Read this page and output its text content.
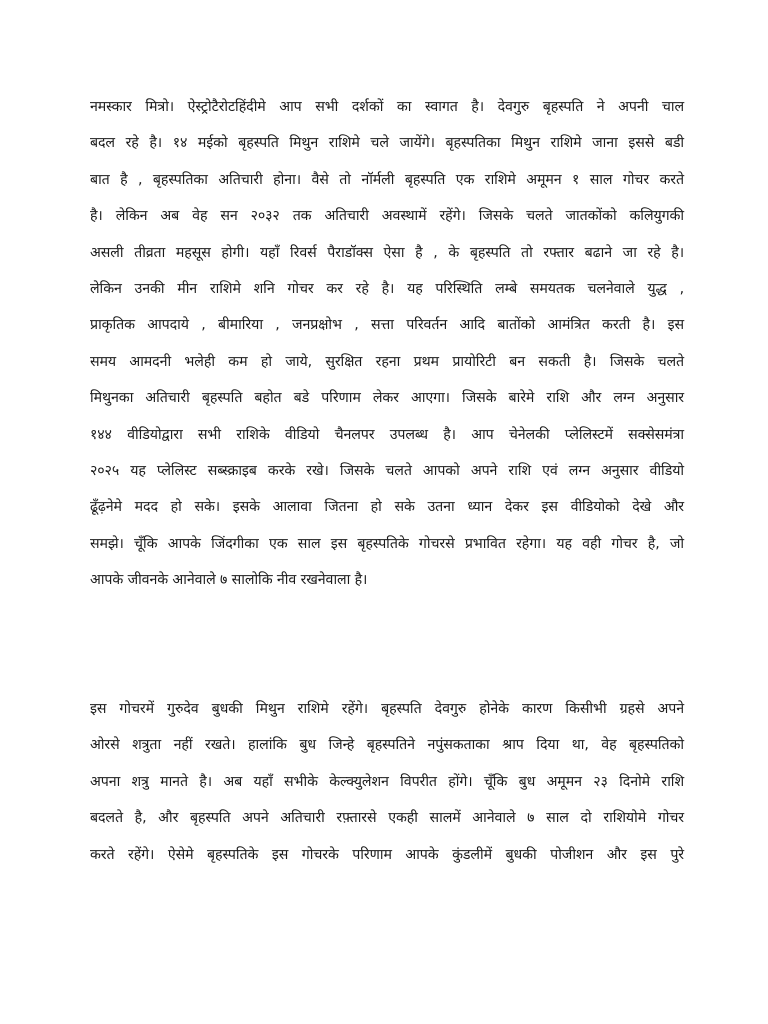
नमस्कार मित्रो। ऐस्ट्रोटैरोटहिंदीमे आप सभी दर्शकों का स्वागत है। देवगुरु बृहस्पति ने अपनी चाल
बदल रहे है। १४ मईको बृहस्पति मिथुन राशिमे चले जायेंगे। बृहस्पतिका मिथुन राशिमे जाना इससे बडी
बात है , बृहस्पतिका अतिचारी होना। वैसे तो नॉर्मली बृहस्पति एक राशिमे अमूमन १ साल गोचर करते
है। लेकिन अब वेह सन २०३२ तक अतिचारी अवस्थामें रहेंगे। जिसके चलते जातकोंको कलियुगकी
असली तीव्रता महसूस होगी। यहाँ रिवर्स पैराडॉक्स ऐसा है , के बृहस्पति तो रफ्तार बढाने जा रहे है।
लेकिन उनकी मीन राशिमे शनि गोचर कर रहे है। यह परिस्थिति लम्बे समयतक चलनेवाले युद्ध ,
प्राकृतिक आपदाये , बीमारिया , जनप्रक्षोभ , सत्ता परिवर्तन आदि बातोंको आमंत्रित करती है। इस
समय आमदनी भलेही कम हो जाये, सुरक्षित रहना प्रथम प्रायोरिटी बन सकती है। जिसके चलते
मिथुनका अतिचारी बृहस्पति बहोत बडे परिणाम लेकर आएगा। जिसके बारेमे राशि और लग्न अनुसार
१४४ वीडियोद्वारा सभी राशिके वीडियो चैनलपर उपलब्ध है। आप चेनेलकी प्लेलिस्टमें सक्सेसमंत्रा
२०२५ यह प्लेलिस्ट सब्स्क्राइब करके रखे। जिसके चलते आपको अपने राशि एवं लग्न अनुसार वीडियो
ढूँढ़नेमे मदद हो सके। इसके आलावा जितना हो सके उतना ध्यान देकर इस वीडियोको देखे और
समझे। चूँकि आपके जिंदगीका एक साल इस बृहस्पतिके गोचरसे प्रभावित रहेगा। यह वही गोचर है, जो
आपके जीवनके आनेवाले ७ सालोकि नीव रखनेवाला है।
इस गोचरमें गुरुदेव बुधकी मिथुन राशिमे रहेंगे। बृहस्पति देवगुरु होनेके कारण किसीभी ग्रहसे अपने
ओरसे शत्रुता नहीं रखते। हालांकि बुध जिन्हे बृहस्पतिने नपुंसकताका श्राप दिया था, वेह बृहस्पतिको
अपना शत्रु मानते है। अब यहाँ सभीके केल्क्युलेशन विपरीत होंगे। चूँकि बुध अमूमन २३ दिनोमे राशि
बदलते है, और बृहस्पति अपने अतिचारी रफ़्तारसे एकही सालमें आनेवाले ७ साल दो राशियोमे गोचर
करते रहेंगे। ऐसेमे बृहस्पतिके इस गोचरके परिणाम आपके कुंडलीमें बुधकी पोजीशन और इस पुरे
